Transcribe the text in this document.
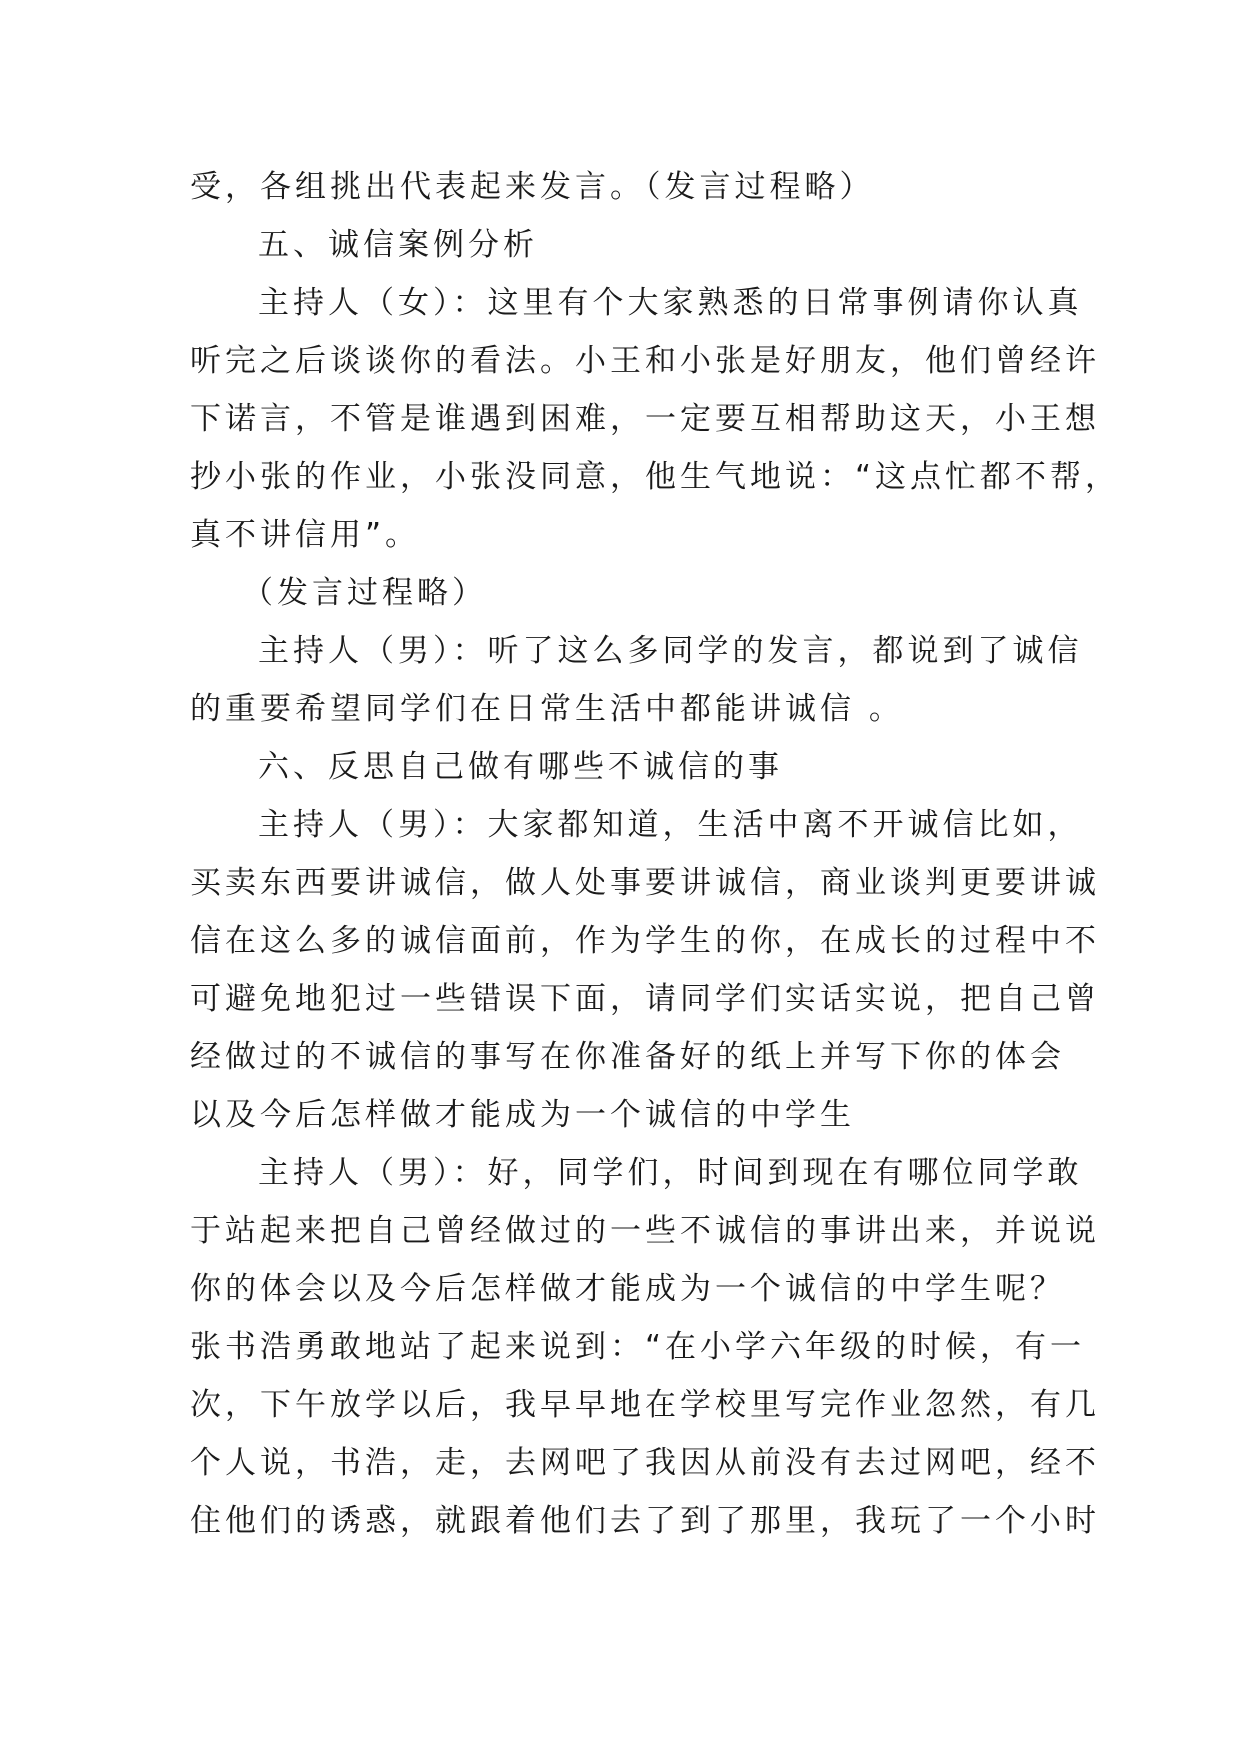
受，各组挑出代表起来发言。（发言过程略）
五、诚信案例分析
主持人（女）：这里有个大家熟悉的日常事例请你认真
听完之后谈谈你的看法。小王和小张是好朋友，他们曾经许
下诺言，不管是谁遇到困难，一定要互相帮助这天，小王想
抄小张的作业，小张没同意，他生气地说：“这点忙都不帮，
真不讲信用”。
（发言过程略）
主持人（男）：听了这么多同学的发言，都说到了诚信
的重要希望同学们在日常生活中都能讲诚信 。
六、反思自己做有哪些不诚信的事
主持人（男）：大家都知道，生活中离不开诚信比如，
买卖东西要讲诚信，做人处事要讲诚信，商业谈判更要讲诚
信在这么多的诚信面前，作为学生的你，在成长的过程中不
可避免地犯过一些错误下面，请同学们实话实说，把自己曾
经做过的不诚信的事写在你准备好的纸上并写下你的体会
以及今后怎样做才能成为一个诚信的中学生
主持人（男）：好，同学们，时间到现在有哪位同学敢
于站起来把自己曾经做过的一些不诚信的事讲出来，并说说
你的体会以及今后怎样做才能成为一个诚信的中学生呢？
张书浩勇敢地站了起来说到：“在小学六年级的时候，有一
次，下午放学以后，我早早地在学校里写完作业忽然，有几
个人说，书浩，走，去网吧了我因从前没有去过网吧，经不
住他们的诱惑，就跟着他们去了到了那里，我玩了一个小时
